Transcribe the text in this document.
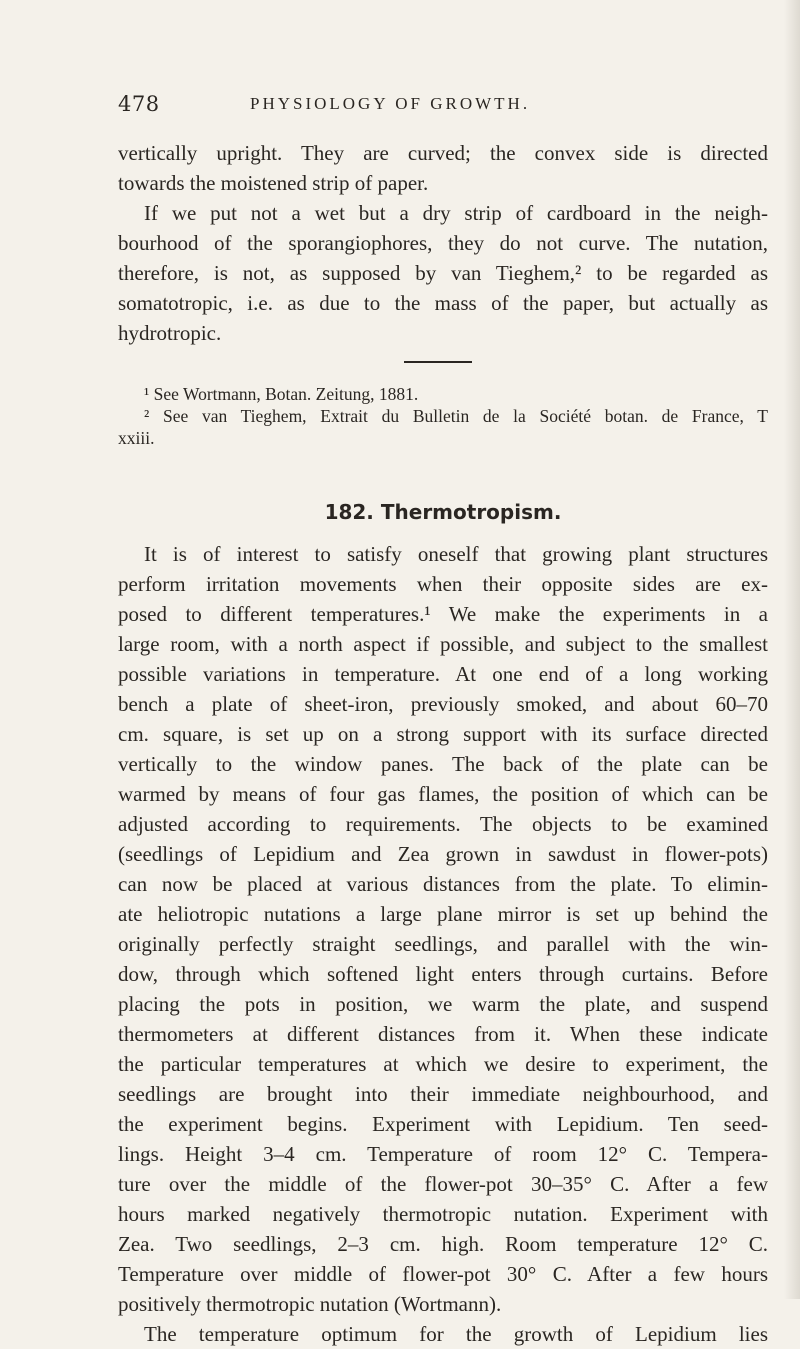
478	PHYSIOLOGY OF GROWTH.
vertically upright. They are curved; the convex side is directed
towards the moistened strip of paper.
If we put not a wet but a dry strip of cardboard in the neigh-
bourhood of the sporangiophores, they do not curve. The nutation,
therefore, is not, as supposed by van Tieghem,² to be regarded as
somatotropic, i.e. as due to the mass of the paper, but actually as
hydrotropic.
¹ See Wortmann, Botan. Zeitung, 1881.
² See van Tieghem, Extrait du Bulletin de la Société botan. de France, T
xxiii.
182. Thermotropism.
It is of interest to satisfy oneself that growing plant structures
perform irritation movements when their opposite sides are ex-
posed to different temperatures.¹ We make the experiments in a
large room, with a north aspect if possible, and subject to the smallest
possible variations in temperature. At one end of a long working
bench a plate of sheet-iron, previously smoked, and about 60–70
cm. square, is set up on a strong support with its surface directed
vertically to the window panes. The back of the plate can be
warmed by means of four gas flames, the position of which can be
adjusted according to requirements. The objects to be examined
(seedlings of Lepidium and Zea grown in sawdust in flower-pots)
can now be placed at various distances from the plate. To elimin-
ate heliotropic nutations a large plane mirror is set up behind the
originally perfectly straight seedlings, and parallel with the win-
dow, through which softened light enters through curtains. Before
placing the pots in position, we warm the plate, and suspend
thermometers at different distances from it. When these indicate
the particular temperatures at which we desire to experiment, the
seedlings are brought into their immediate neighbourhood, and
the experiment begins. Experiment with Lepidium. Ten seed-
lings. Height 3–4 cm. Temperature of room 12° C. Tempera-
ture over the middle of the flower-pot 30–35° C. After a few
hours marked negatively thermotropic nutation. Experiment with
Zea. Two seedlings, 2–3 cm. high. Room temperature 12° C.
Temperature over middle of flower-pot 30° C. After a few hours
positively thermotropic nutation (Wortmann).
The temperature optimum for the growth of Lepidium lies
